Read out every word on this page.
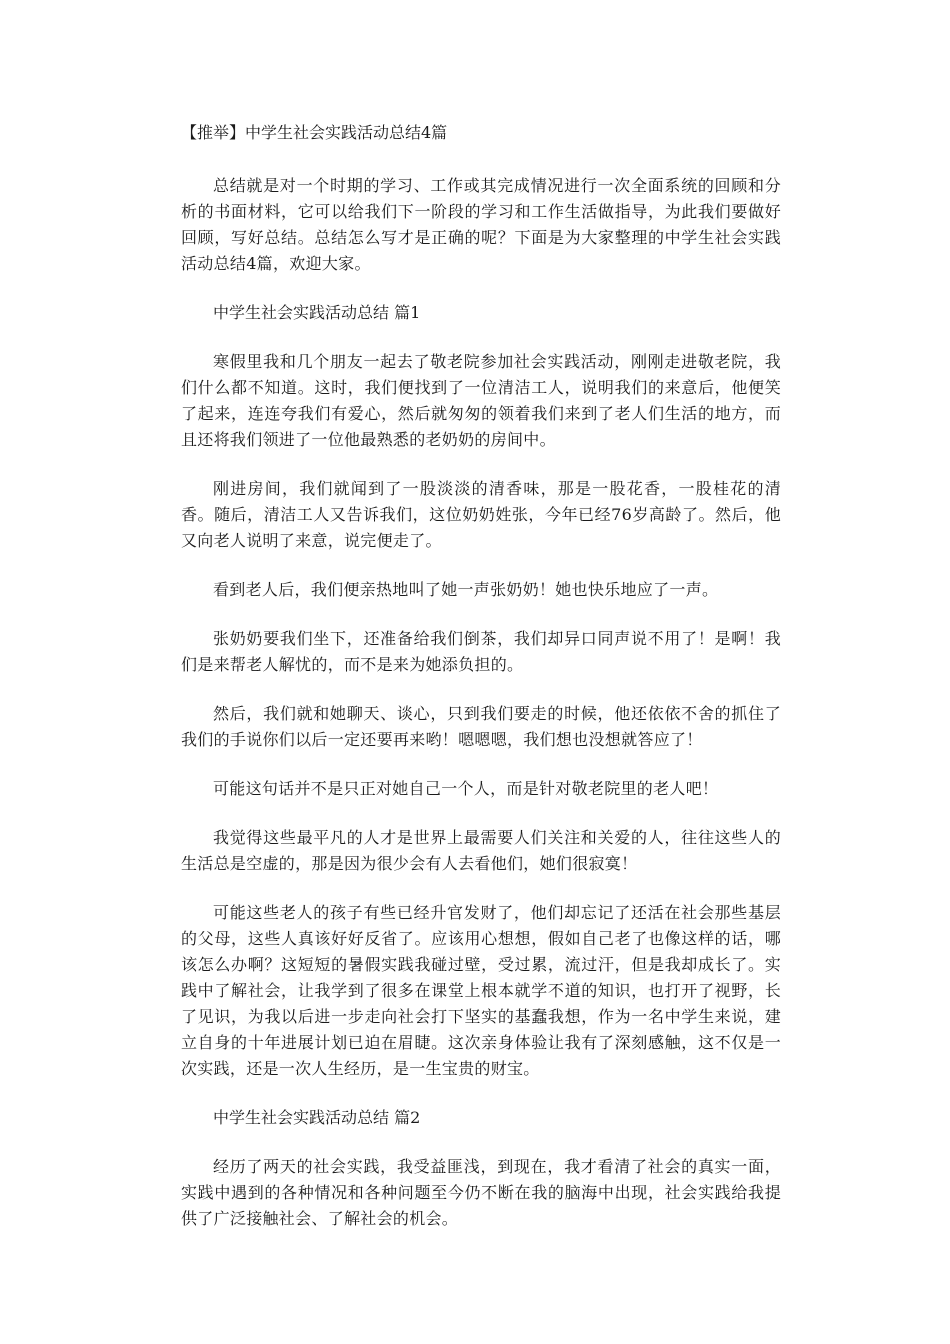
【推举】中学生社会实践活动总结4篇

总结就是对一个时期的学习、工作或其完成情况进行一次全面系统的回顾和分析的书面材料，它可以给我们下一阶段的学习和工作生活做指导，为此我们要做好回顾，写好总结。总结怎么写才是正确的呢？下面是为大家整理的中学生社会实践活动总结4篇，欢迎大家。

中学生社会实践活动总结 篇1

寒假里我和几个朋友一起去了敬老院参加社会实践活动，刚刚走进敬老院，我们什么都不知道。这时，我们便找到了一位清洁工人，说明我们的来意后，他便笑了起来，连连夸我们有爱心，然后就匆匆的领着我们来到了老人们生活的地方，而且还将我们领进了一位他最熟悉的老奶奶的房间中。

刚进房间，我们就闻到了一股淡淡的清香味，那是一股花香，一股桂花的清香。随后，清洁工人又告诉我们，这位奶奶姓张，今年已经76岁高龄了。然后，他又向老人说明了来意，说完便走了。

看到老人后，我们便亲热地叫了她一声张奶奶！她也快乐地应了一声。

张奶奶要我们坐下，还准备给我们倒茶，我们却异口同声说不用了！是啊！我们是来帮老人解忧的，而不是来为她添负担的。

然后，我们就和她聊天、谈心，只到我们要走的时候，他还依依不舍的抓住了我们的手说你们以后一定还要再来哟！嗯嗯嗯，我们想也没想就答应了！

可能这句话并不是只正对她自己一个人，而是针对敬老院里的老人吧！

我觉得这些最平凡的人才是世界上最需要人们关注和关爱的人，往往这些人的生活总是空虚的，那是因为很少会有人去看他们，她们很寂寞！

可能这些老人的孩子有些已经升官发财了，他们却忘记了还活在社会那些基层的父母，这些人真该好好反省了。应该用心想想，假如自己老了也像这样的话，哪该怎么办啊？这短短的暑假实践我碰过壁，受过累，流过汗，但是我却成长了。实践中了解社会，让我学到了很多在课堂上根本就学不道的知识，也打开了视野，长了见识，为我以后进一步走向社会打下坚实的基蠢我想，作为一名中学生来说，建立自身的十年进展计划已迫在眉睫。这次亲身体验让我有了深刻感触，这不仅是一次实践，还是一次人生经历，是一生宝贵的财宝。

中学生社会实践活动总结 篇2

经历了两天的社会实践，我受益匪浅，到现在，我才看清了社会的真实一面，实践中遇到的各种情况和各种问题至今仍不断在我的脑海中出现，社会实践给我提供了广泛接触社会、了解社会的机会。
